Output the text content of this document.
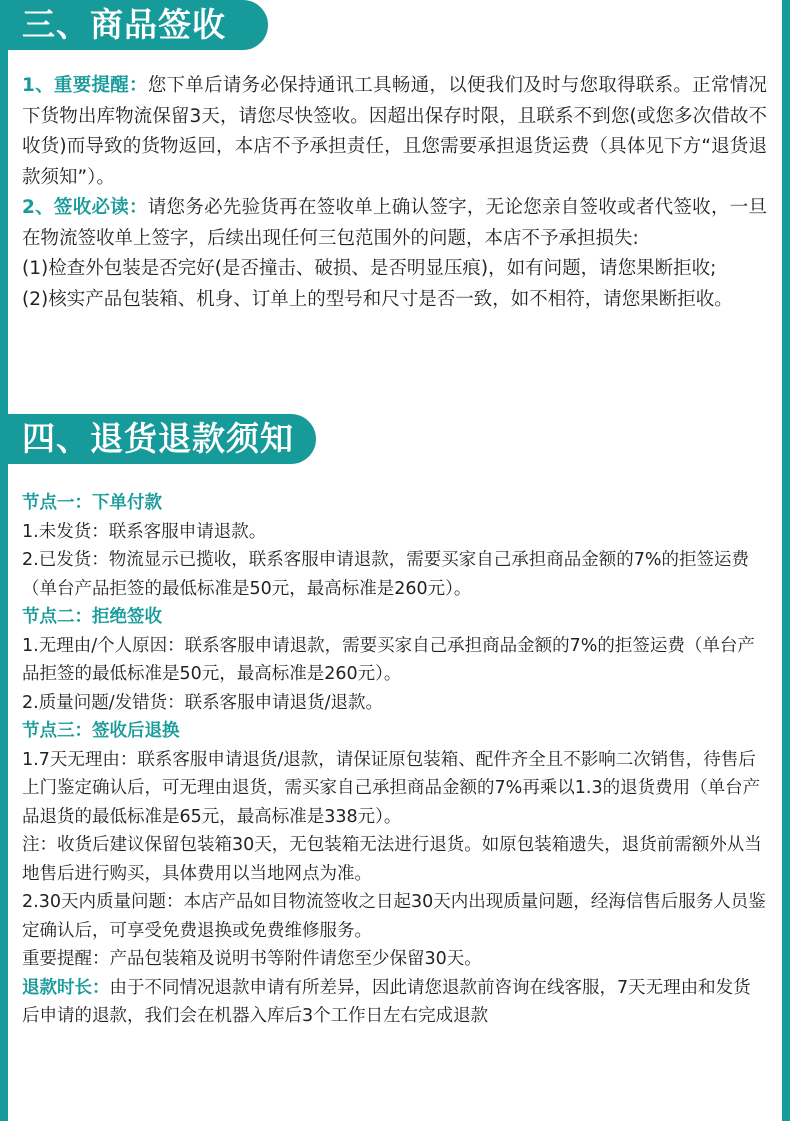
三、商品签收

1、重要提醒：您下单后请务必保持通讯工具畅通，以便我们及时与您取得联系。正常情况下货物出库物流保留3天，请您尽快签收。因超出保存时限，且联系不到您(或您多次借故不收货)而导致的货物返回，本店不予承担责任，且您需要承担退货运费（具体见下方“退货退款须知”）。

2、签收必读：请您务必先验货再在签收单上确认签字，无论您亲自签收或者代签收，一旦在物流签收单上签字，后续出现任何三包范围外的问题，本店不予承担损失:

(1)检查外包装是否完好(是否撞击、破损、是否明显压痕)，如有问题，请您果断拒收;

(2)核实产品包装箱、机身、订单上的型号和尺寸是否一致，如不相符，请您果断拒收。

四、退货退款须知

节点一：下单付款

1.未发货：联系客服申请退款。

2.已发货：物流显示已揽收，联系客服申请退款，需要买家自己承担商品金额的7%的拒签运费（单台产品拒签的最低标准是50元，最高标准是260元）。

节点二：拒绝签收

1.无理由/个人原因：联系客服申请退款，需要买家自己承担商品金额的7%的拒签运费（单台产品拒签的最低标准是50元，最高标准是260元）。

2.质量问题/发错货：联系客服申请退货/退款。

节点三：签收后退换

1.7天无理由：联系客服申请退货/退款，请保证原包装箱、配件齐全且不影响二次销售，待售后上门鉴定确认后，可无理由退货，需买家自己承担商品金额的7%再乘以1.3的退货费用（单台产品退货的最低标准是65元，最高标准是338元）。

注：收货后建议保留包装箱30天，无包装箱无法进行退货。如原包装箱遗失，退货前需额外从当地售后进行购买，具体费用以当地网点为准。

2.30天内质量问题：本店产品如目物流签收之日起30天内出现质量问题，经海信售后服务人员鉴定确认后，可享受免费退换或免费维修服务。

重要提醒：产品包装箱及说明书等附件请您至少保留30天。

退款时长：由于不同情况退款申请有所差异，因此请您退款前咨询在线客服，7天无理由和发货后申请的退款，我们会在机器入库后3个工作日左右完成退款
